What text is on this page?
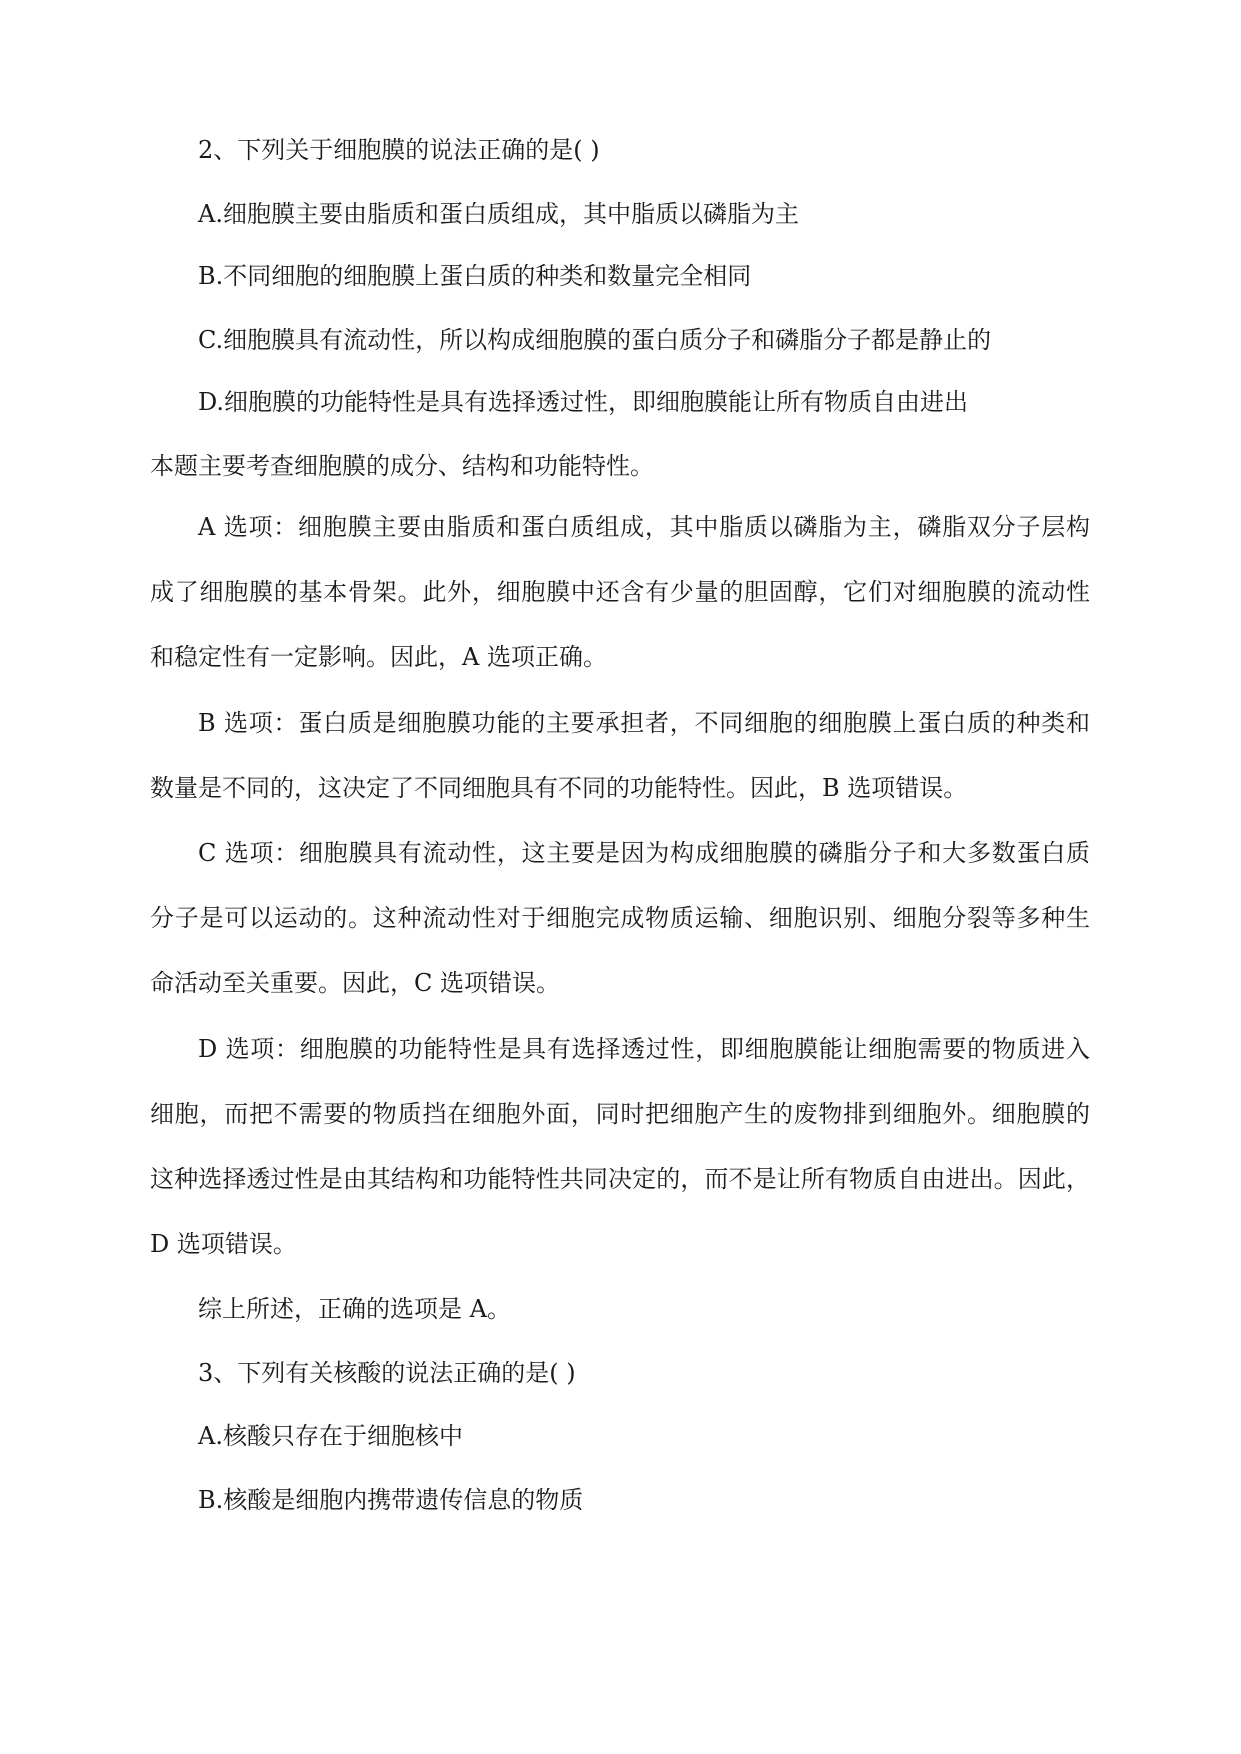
2、下列关于细胞膜的说法正确的是( )
A.细胞膜主要由脂质和蛋白质组成，其中脂质以磷脂为主
B.不同细胞的细胞膜上蛋白质的种类和数量完全相同
C.细胞膜具有流动性，所以构成细胞膜的蛋白质分子和磷脂分子都是静止的
D.细胞膜的功能特性是具有选择透过性，即细胞膜能让所有物质自由进出
本题主要考查细胞膜的成分、结构和功能特性。
A 选项：细胞膜主要由脂质和蛋白质组成，其中脂质以磷脂为主，磷脂双分子层构
成了细胞膜的基本骨架。此外，细胞膜中还含有少量的胆固醇，它们对细胞膜的流动性
和稳定性有一定影响。因此，A 选项正确。
B 选项：蛋白质是细胞膜功能的主要承担者，不同细胞的细胞膜上蛋白质的种类和
数量是不同的，这决定了不同细胞具有不同的功能特性。因此，B 选项错误。
C 选项：细胞膜具有流动性，这主要是因为构成细胞膜的磷脂分子和大多数蛋白质
分子是可以运动的。这种流动性对于细胞完成物质运输、细胞识别、细胞分裂等多种生
命活动至关重要。因此，C 选项错误。
D 选项：细胞膜的功能特性是具有选择透过性，即细胞膜能让细胞需要的物质进入
细胞，而把不需要的物质挡在细胞外面，同时把细胞产生的废物排到细胞外。细胞膜的
这种选择透过性是由其结构和功能特性共同决定的，而不是让所有物质自由进出。因此，
D 选项错误。
综上所述，正确的选项是 A。
3、下列有关核酸的说法正确的是( )
A.核酸只存在于细胞核中
B.核酸是细胞内携带遗传信息的物质
